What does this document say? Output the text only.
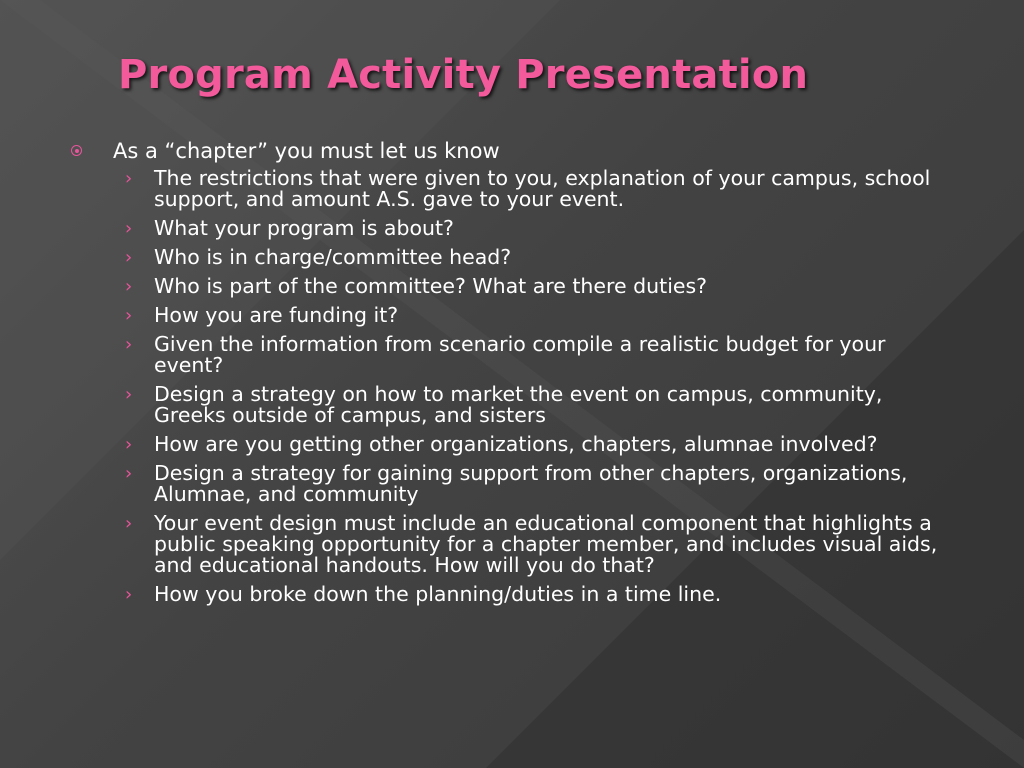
Program Activity Presentation
As a “chapter” you must let us know
› The restrictions that were given to you, explanation of your campus, school support, and amount A.S. gave to your event.
› What your program is about?
› Who is in charge/committee head?
› Who is part of the committee? What are there duties?
› How you are funding it?
› Given the information from scenario compile a realistic budget for your event?
› Design a strategy on how to market the event on campus, community, Greeks outside of campus, and sisters
› How are you getting other organizations, chapters, alumnae involved?
› Design a strategy for gaining support from other chapters, organizations, Alumnae, and community
› Your event design must include an educational component that highlights a public speaking opportunity for a chapter member, and includes visual aids, and educational handouts. How will you do that?
› How you broke down the planning/duties in a time line.
